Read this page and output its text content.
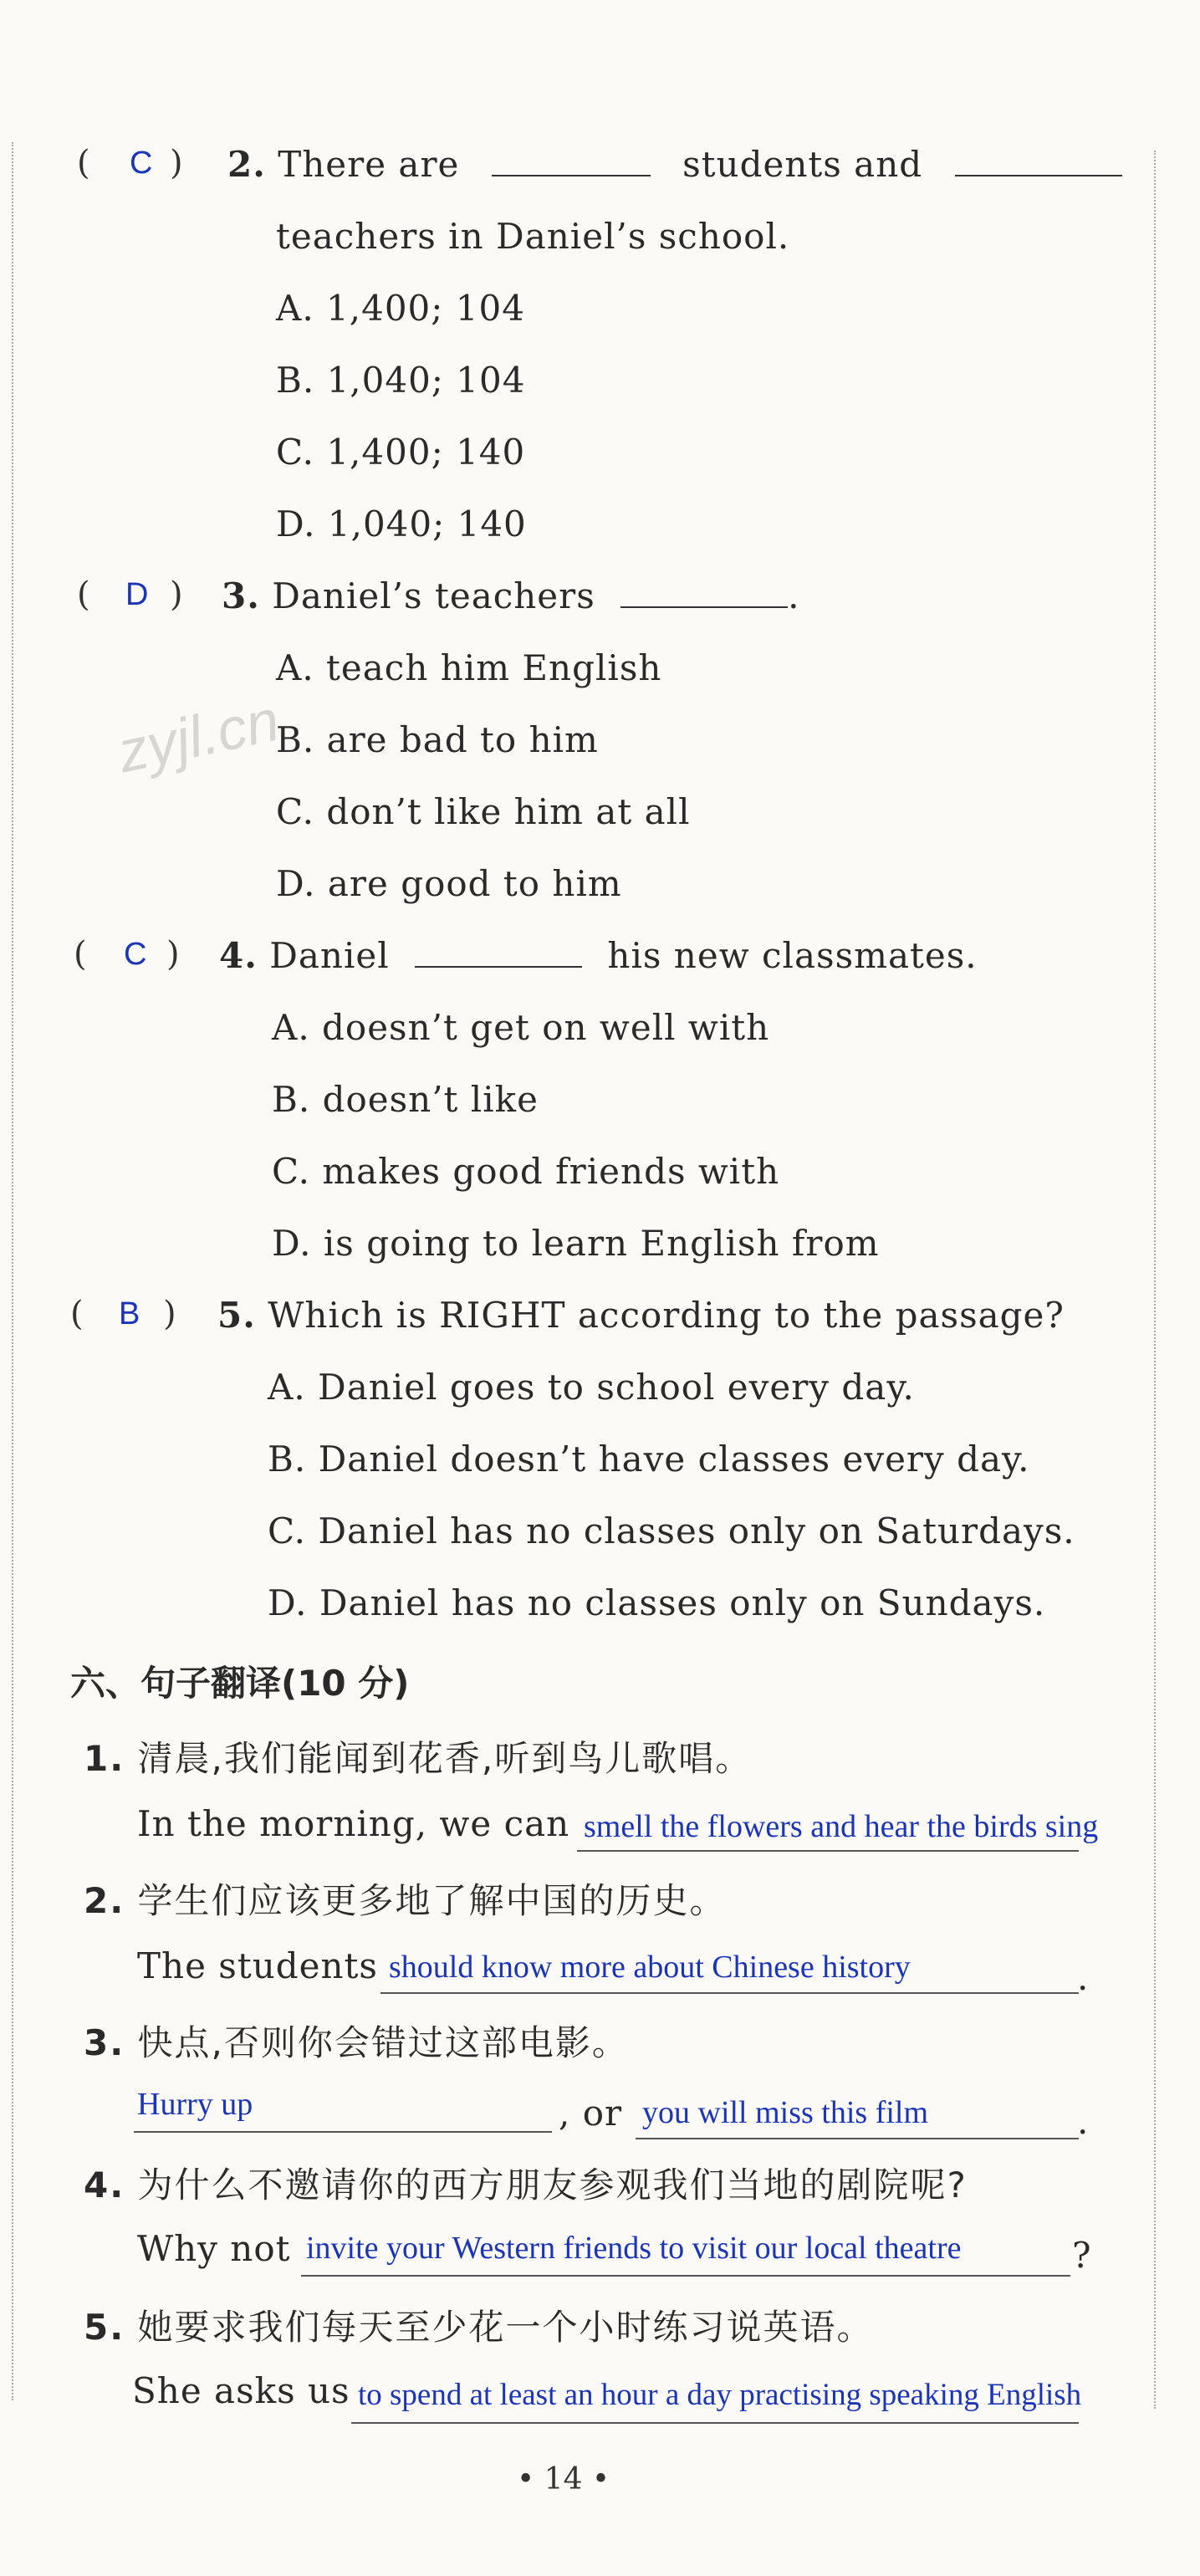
zyjl.cn
(  )
C 2. There are	students and
teachers in Daniel’s school.
A. 1,400; 104
B. 1,040; 104
C. 1,400; 140
D. 1,040; 140
(  )
D 3. Daniel’s teachers	.
A. teach him English
B. are bad to him
C. don’t like him at all
D. are good to him
(  )
C 4. Daniel	his new classmates.
A. doesn’t get on well with
B. doesn’t like
C. makes good friends with
D. is going to learn English from
(  )
B 5. Which is RIGHT according to the passage?
A. Daniel goes to school every day.
B. Daniel doesn’t have classes every day.
C. Daniel has no classes only on Saturdays.
D. Daniel has no classes only on Sundays.
六、句子翻译(10 分)
1. 清晨,我们能闻到花香,听到鸟儿歌唱。
In the morning, we can smell the flowers and hear the birds sing
2. 学生们应该更多地了解中国的历史。
The students should know more about Chinese history	.
3. 快点,否则你会错过这部电影。
Hurry up	, or you will miss this film	.
4. 为什么不邀请你的西方朋友参观我们当地的剧院呢?
Why not invite your Western friends to visit our local theatre	?
5. 她要求我们每天至少花一个小时练习说英语。
She asks us to spend at least an hour a day practising speaking English
• 14 •
